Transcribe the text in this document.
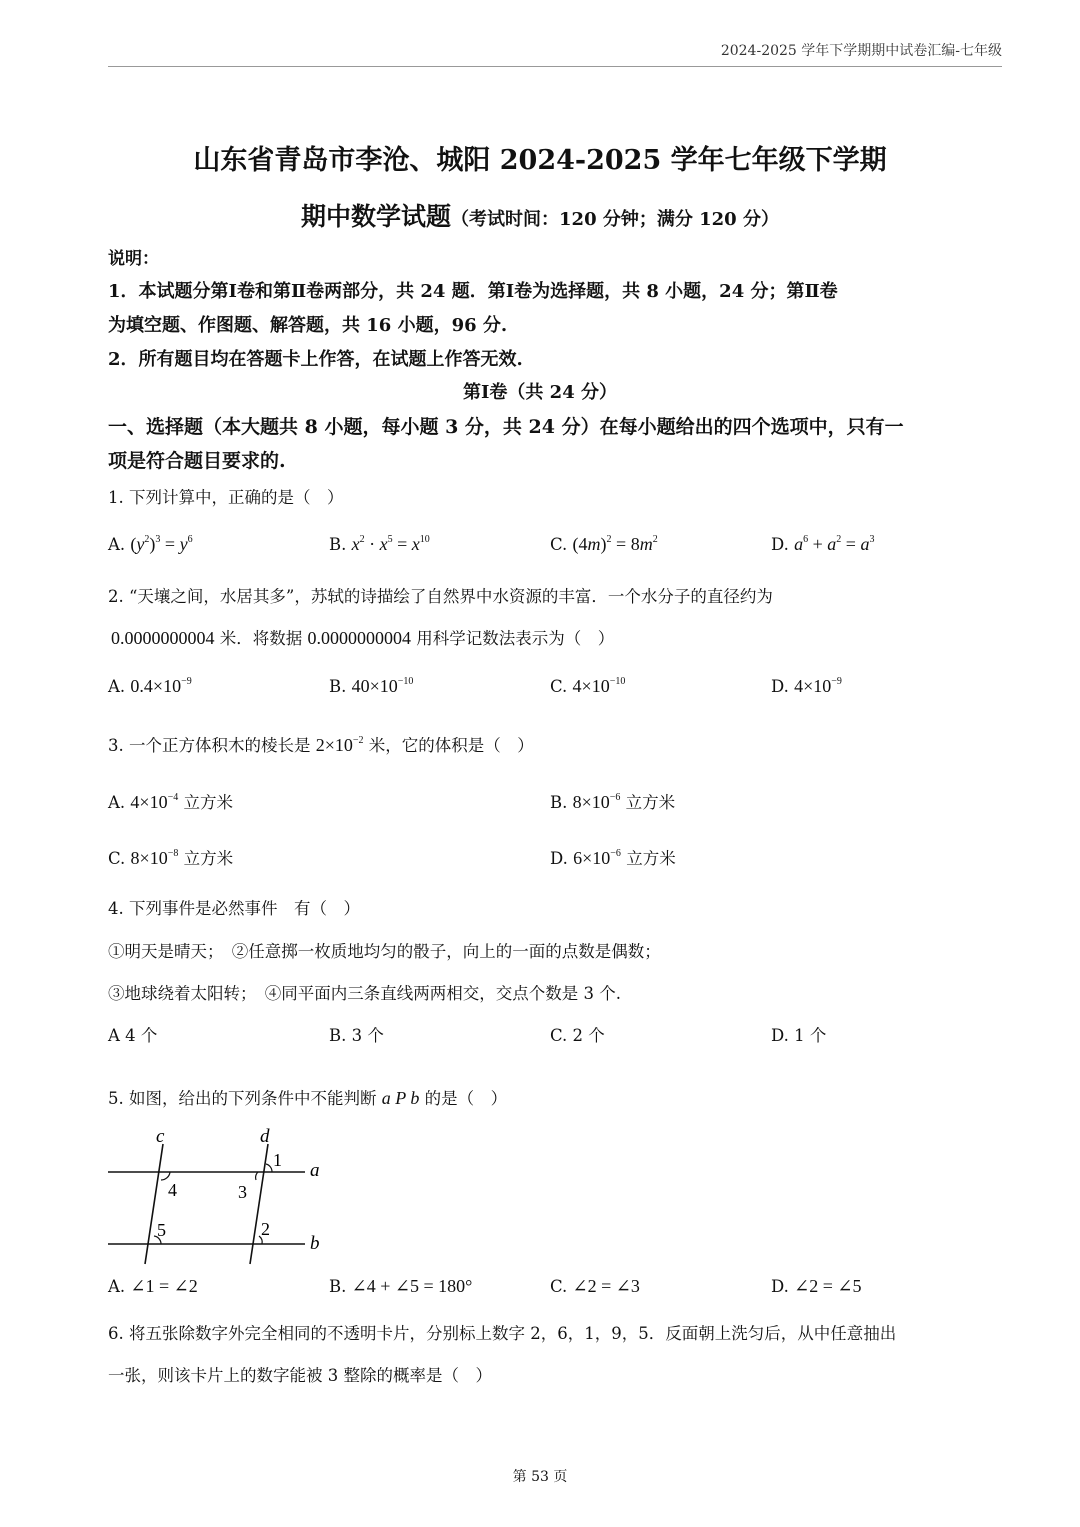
2024-2025 学年下学期期中试卷汇编-七年级
山东省青岛市李沧、城阳 2024-2025 学年七年级下学期
期中数学试题（考试时间：120 分钟；满分 120 分）
说明：
1．本试题分第Ⅰ卷和第Ⅱ卷两部分，共 24 题．第Ⅰ卷为选择题，共 8 小题，24 分；第Ⅱ卷
为填空题、作图题、解答题，共 16 小题，96 分.
2．所有题目均在答题卡上作答，在试题上作答无效.
第Ⅰ卷（共 24 分）
一、选择题（本大题共 8 小题，每小题 3 分，共 24 分）在每小题给出的四个选项中，只有一
项是符合题目要求的.
1. 下列计算中，正确的是（　）
A. $(y^2)^3 = y^6$	B. $x^2 \cdot x^5 = x^{10}$	C. $(4m)^2 = 8m^2$	D. $a^6 + a^2 = a^3$
2. “天壤之间，水居其多”，苏轼的诗描绘了自然界中水资源的丰富．一个水分子的直径约为
0.0000000004 米．将数据 0.0000000004 用科学记数法表示为（　）
A. $0.4\times 10^{-9}$	B. $40\times 10^{-10}$	C. $4\times 10^{-10}$	D. $4\times 10^{-9}$
3. 一个正方体积木的棱长是 $2\times 10^{-2}$ 米，它的体积是（　）
A. $4\times 10^{-4}$ 立方米	B. $8\times 10^{-6}$ 立方米
C. $8\times 10^{-8}$ 立方米	D. $6\times 10^{-6}$ 立方米
4. 下列事件是必然事件　有（　）
①明天是晴天；　②任意掷一枚质地均匀的骰子，向上的一面的点数是偶数；
③地球绕着太阳转；　④同平面内三条直线两两相交，交点个数是 3 个.
A 4 个	B. 3 个	C. 2 个	D. 1 个
5. 如图，给出的下列条件中不能判断 a P b 的是（　）
c	d
a
b
1
4	3
5	2
A. ∠1 = ∠2	B. ∠4 + ∠5 = 180°	C. ∠2 = ∠3	D. ∠2 = ∠5
6. 将五张除数字外完全相同的不透明卡片，分别标上数字 2，6，1，9，5．反面朝上洗匀后，从中任意抽出
一张，则该卡片上的数字能被 3 整除的概率是（　）
第 53 页
